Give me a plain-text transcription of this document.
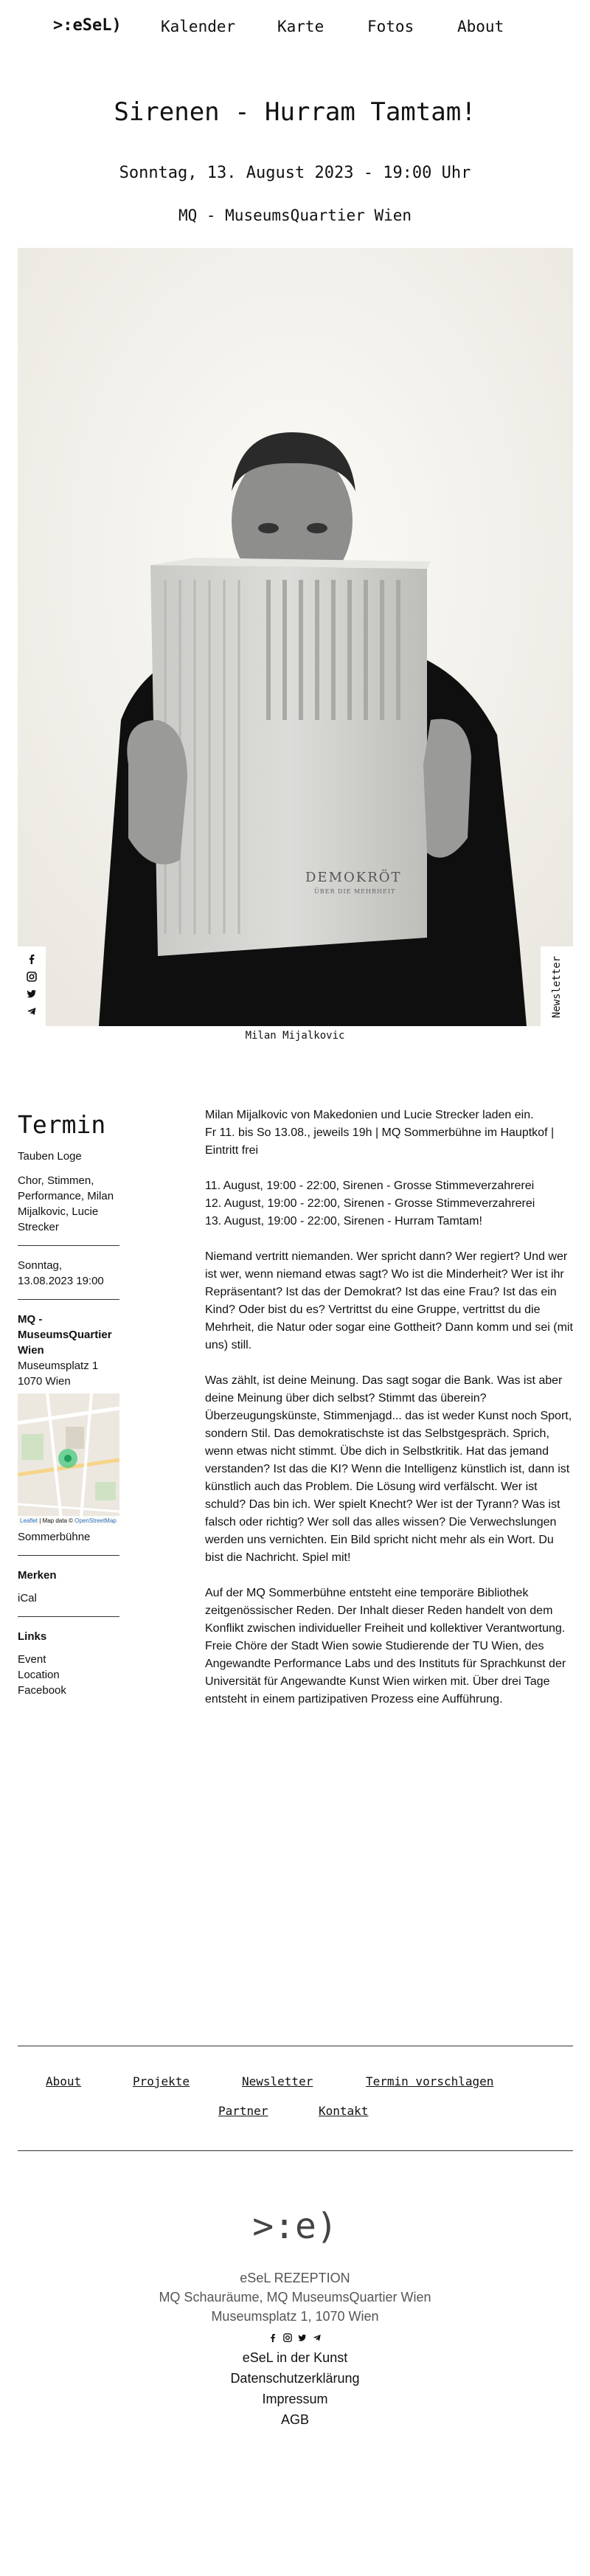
>:eSeL)	Kalender	Karte	Fotos	About
Sirenen - Hurram Tamtam!
Sonntag, 13. August 2023 - 19:00 Uhr
MQ - MuseumsQuartier Wien
DEMOKRÖT
ÜBER DIE MEHRHEIT
Newsletter
Milan Mijalkovic
Termin
Tauben Loge
Chor, Stimmen, Performance, Milan Mijalkovic, Lucie Strecker
Sonntag, 13.08.2023 19:00
MQ - MuseumsQuartier Wien
Museumsplatz 1
1070 Wien
Leaflet | Map data © OpenStreetMap
Sommerbühne
Merken
iCal
Links
Event
Location
Facebook

Milan Mijalkovic von Makedonien und Lucie Strecker laden ein.
Fr 11. bis So 13.08., jeweils 19h | MQ Sommerbühne im Hauptkof | Eintritt frei

11. August, 19:00 - 22:00, Sirenen - Grosse Stimmeverzahrerei
12. August, 19:00 - 22:00, Sirenen - Grosse Stimmeverzahrerei
13. August, 19:00 - 22:00, Sirenen - Hurram Tamtam!

Niemand vertritt niemanden. Wer spricht dann? Wer regiert? Und wer ist wer, wenn niemand etwas sagt? Wo ist die Minderheit? Wer ist ihr Repräsentant? Ist das der Demokrat? Ist das eine Frau? Ist das ein Kind? Oder bist du es? Vertrittst du eine Gruppe, vertrittst du die Mehrheit, die Natur oder sogar eine Gottheit? Dann komm und sei (mit uns) still.

Was zählt, ist deine Meinung. Das sagt sogar die Bank. Was ist aber deine Meinung über dich selbst? Stimmt das überein? Überzeugungskünste, Stimmenjagd... das ist weder Kunst noch Sport, sondern Stil. Das demokratischste ist das Selbstgespräch. Sprich, wenn etwas nicht stimmt. Übe dich in Selbstkritik. Hat das jemand verstanden? Ist das die KI? Wenn die Intelligenz künstlich ist, dann ist künstlich auch das Problem. Die Lösung wird verfälscht. Wer ist schuld? Das bin ich. Wer spielt Knecht? Wer ist der Tyrann? Was ist falsch oder richtig? Wer soll das alles wissen? Die Verwechslungen werden uns vernichten. Ein Bild spricht nicht mehr als ein Wort. Du bist die Nachricht. Spiel mit!

Auf der MQ Sommerbühne entsteht eine temporäre Bibliothek zeitgenössischer Reden. Der Inhalt dieser Reden handelt von dem Konflikt zwischen individueller Freiheit und kollektiver Verantwortung. Freie Chöre der Stadt Wien sowie Studierende der TU Wien, des Angewandte Performance Labs und des Instituts für Sprachkunst der Universität für Angewandte Kunst Wien wirken mit. Über drei Tage entsteht in einem partizipativen Prozess eine Aufführung.

About	Projekte	Newsletter	Termin vorschlagen
Partner	Kontakt
>:e)
eSeL REZEPTION
MQ Schauräume, MQ MuseumsQuartier Wien
Museumsplatz 1, 1070 Wien
eSeL in der Kunst
Datenschutzerklärung
Impressum
AGB
